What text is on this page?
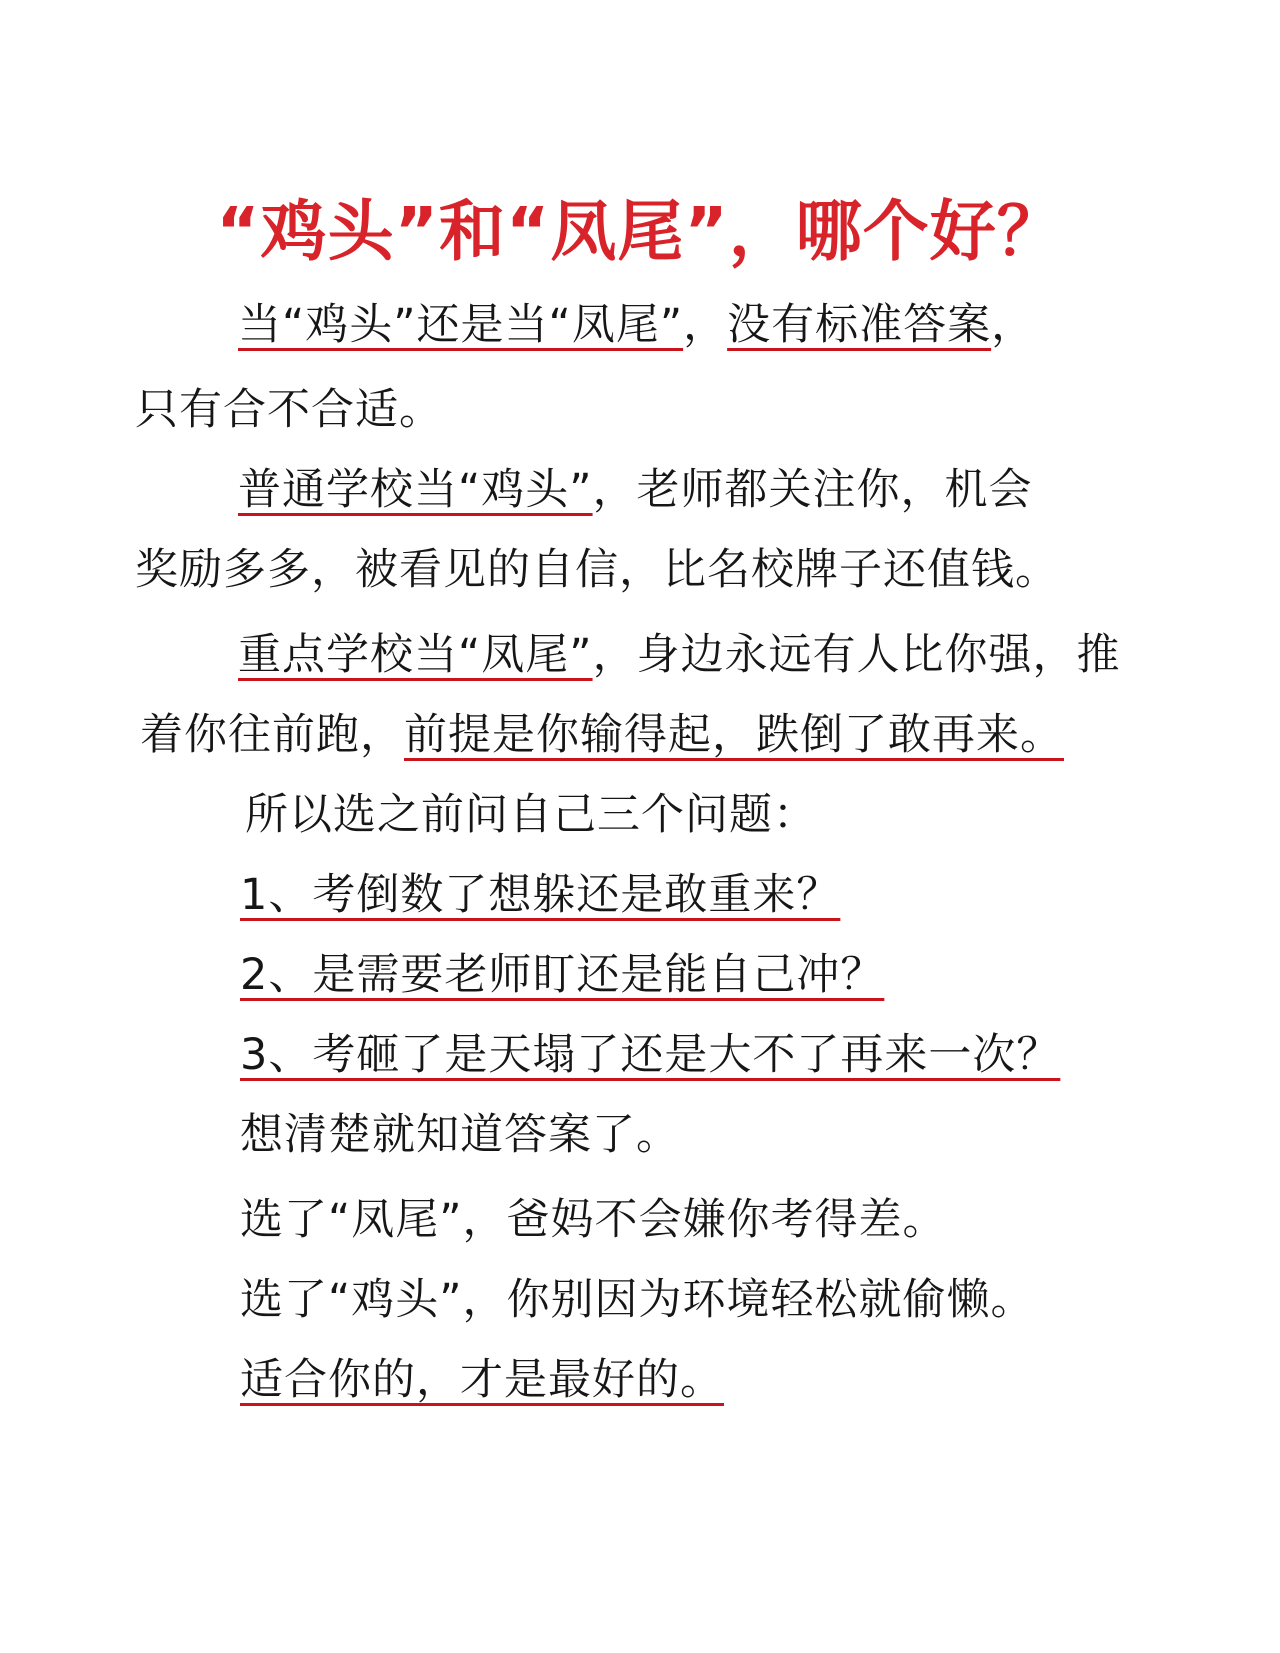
“鸡头”和“凤尾”，哪个好？

当“鸡头”还是当“凤尾”，没有标准答案，

只有合不合适。

普通学校当“鸡头”，老师都关注你，机会

奖励多多，被看见的自信，比名校牌子还值钱。

重点学校当“凤尾”，身边永远有人比你强，推

着你往前跑，前提是你输得起，跌倒了敢再来。

所以选之前问自己三个问题：

1、考倒数了想躲还是敢重来？

2、是需要老师盯还是能自己冲？

3、考砸了是天塌了还是大不了再来一次？

想清楚就知道答案了。

选了“凤尾”，爸妈不会嫌你考得差。

选了“鸡头”，你别因为环境轻松就偷懒。

适合你的，才是最好的。
